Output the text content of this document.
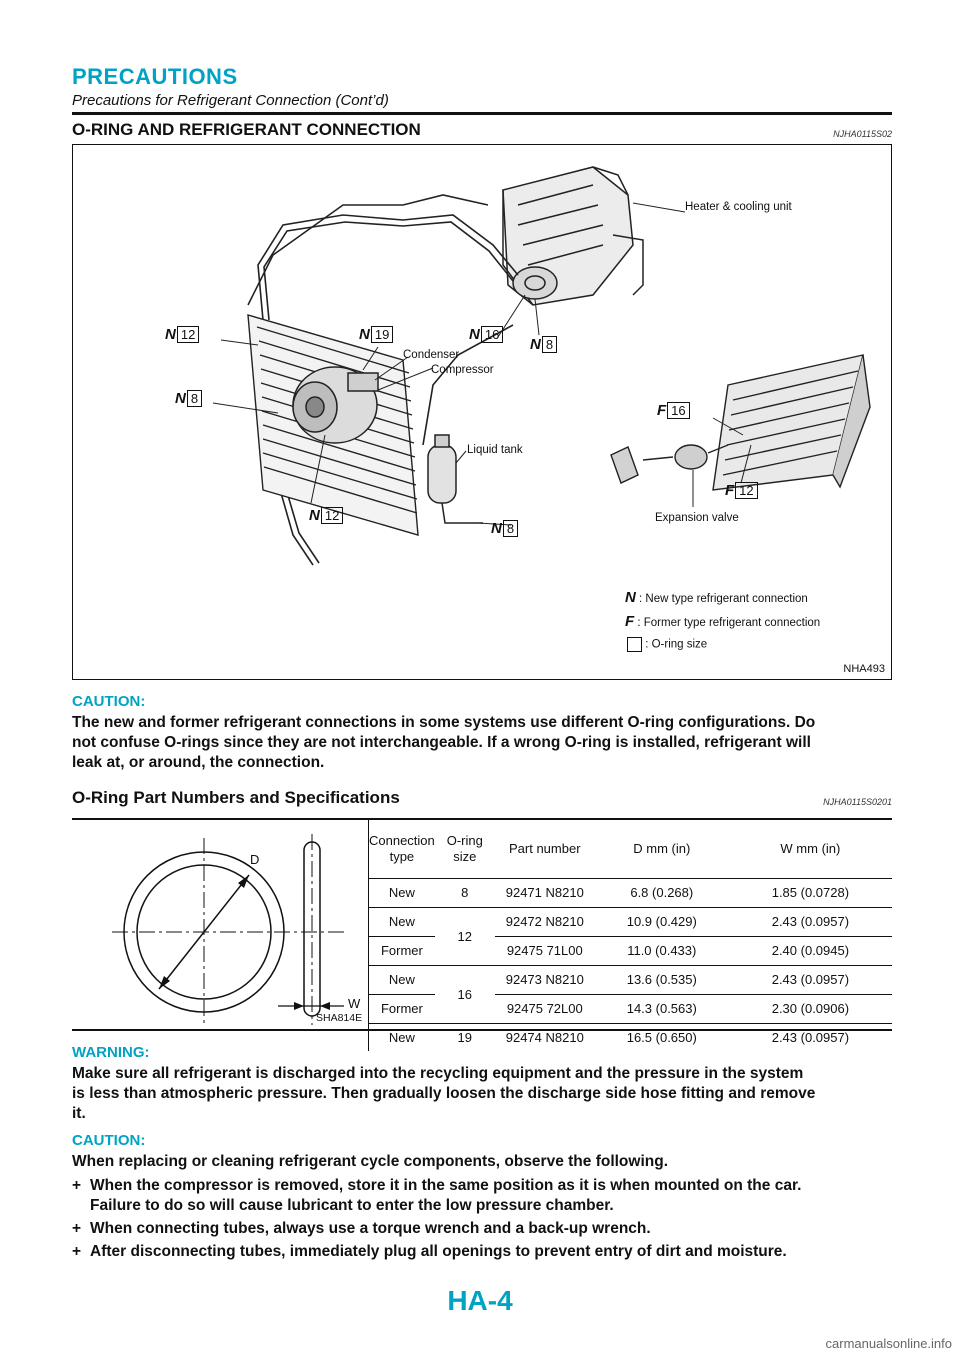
PRECAUTIONS
Precautions for Refrigerant Connection (Cont’d)
O-RING AND REFRIGERANT CONNECTION	NJHA0115S02
Heater & cooling unit
Condenser
Compressor
Liquid tank
Expansion valve
N 12	N 19	N 16
N 8
N 8
N 12
N 8
F 16
F 12
N : New type refrigerant connection
F : Former type refrigerant connection
: O-ring size
NHA493
CAUTION:
The new and former refrigerant connections in some systems use different O-ring configurations. Do
not confuse O-rings since they are not interchangeable. If a wrong O-ring is installed, refrigerant will
leak at, or around, the connection.
O-Ring Part Numbers and Specifications	NJHA0115S0201
D
W
SHA814E
Connection
type	O-ring
size	Part number	D mm (in)	W mm (in)
New	8	92471 N8210	6.8 (0.268)	1.85 (0.0728)
New	12	92472 N8210	10.9 (0.429)	2.43 (0.0957)
Former		92475 71L00	11.0 (0.433)	2.40 (0.0945)
New	16	92473 N8210	13.6 (0.535)	2.43 (0.0957)
Former		92475 72L00	14.3 (0.563)	2.30 (0.0906)
New	19	92474 N8210	16.5 (0.650)	2.43 (0.0957)
WARNING:
Make sure all refrigerant is discharged into the recycling equipment and the pressure in the system
is less than atmospheric pressure. Then gradually loosen the discharge side hose fitting and remove
it.
CAUTION:
When replacing or cleaning refrigerant cycle components, observe the following.
+ When the compressor is removed, store it in the same position as it is when mounted on the car.
Failure to do so will cause lubricant to enter the low pressure chamber.
+ When connecting tubes, always use a torque wrench and a back-up wrench.
+ After disconnecting tubes, immediately plug all openings to prevent entry of dirt and moisture.
HA-4
carmanualsonline.info
